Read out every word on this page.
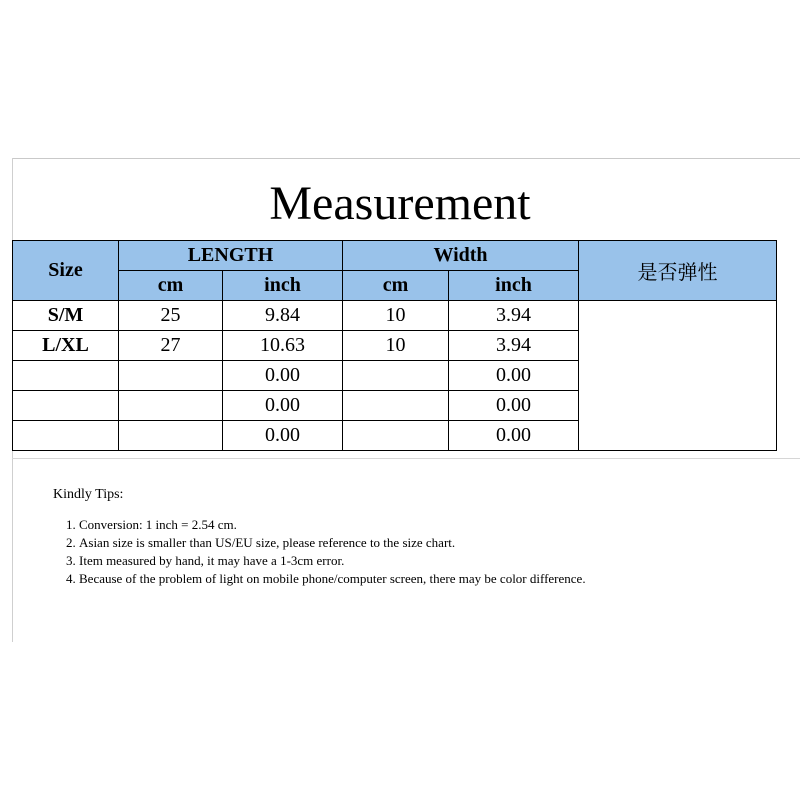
Measurement
Size	LENGTH		Width		是否弹性
	cm	inch	cm	inch	
S/M	25	9.84	10	3.94	
L/XL	27	10.63	10	3.94	
		0.00		0.00	
		0.00		0.00	
		0.00		0.00	
Kindly Tips:
1. Conversion: 1 inch = 2.54 cm.
2. Asian size is smaller than US/EU size, please reference to the size chart.
3. Item measured by hand, it may have a 1-3cm error.
4. Because of the problem of light on mobile phone/computer screen, there may be color difference.
